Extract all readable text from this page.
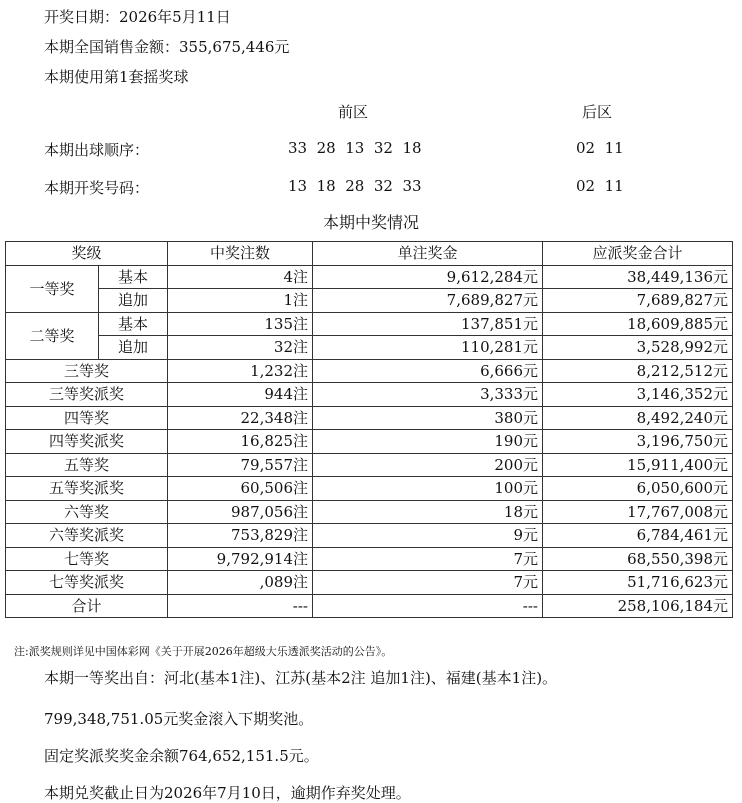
开奖日期：2026年5月11日
本期全国销售金额：355,675,446元
本期使用第1套摇奖球
前区	后区
本期出球顺序：	33  28  13  32  18	02  11
本期开奖号码：	13  18  28  32  33	02  11
本期中奖情况
奖级		中奖注数	单注奖金	应派奖金合计
一等奖	基本	4注	9,612,284元	38,449,136元
	追加	1注	7,689,827元	7,689,827元
二等奖	基本	135注	137,851元	18,609,885元
	追加	32注	110,281元	3,528,992元
三等奖		1,232注	6,666元	8,212,512元
三等奖派奖		944注	3,333元	3,146,352元
四等奖		22,348注	380元	8,492,240元
四等奖派奖		16,825注	190元	3,196,750元
五等奖		79,557注	200元	15,911,400元
五等奖派奖		60,506注	100元	6,050,600元
六等奖		987,056注	18元	17,767,008元
六等奖派奖		753,829注	9元	6,784,461元
七等奖		9,792,914注	7元	68,550,398元
七等奖派奖		,089注	7元	51,716,623元
合计		---	---	258,106,184元
注:派奖规则详见中国体彩网《关于开展2026年超级大乐透派奖活动的公告》。
本期一等奖出自：河北(基本1注)、江苏(基本2注 追加1注)、福建(基本1注)。
799,348,751.05元奖金滚入下期奖池。
固定奖派奖奖金余额764,652,151.5元。
本期兑奖截止日为2026年7月10日，逾期作弃奖处理。
